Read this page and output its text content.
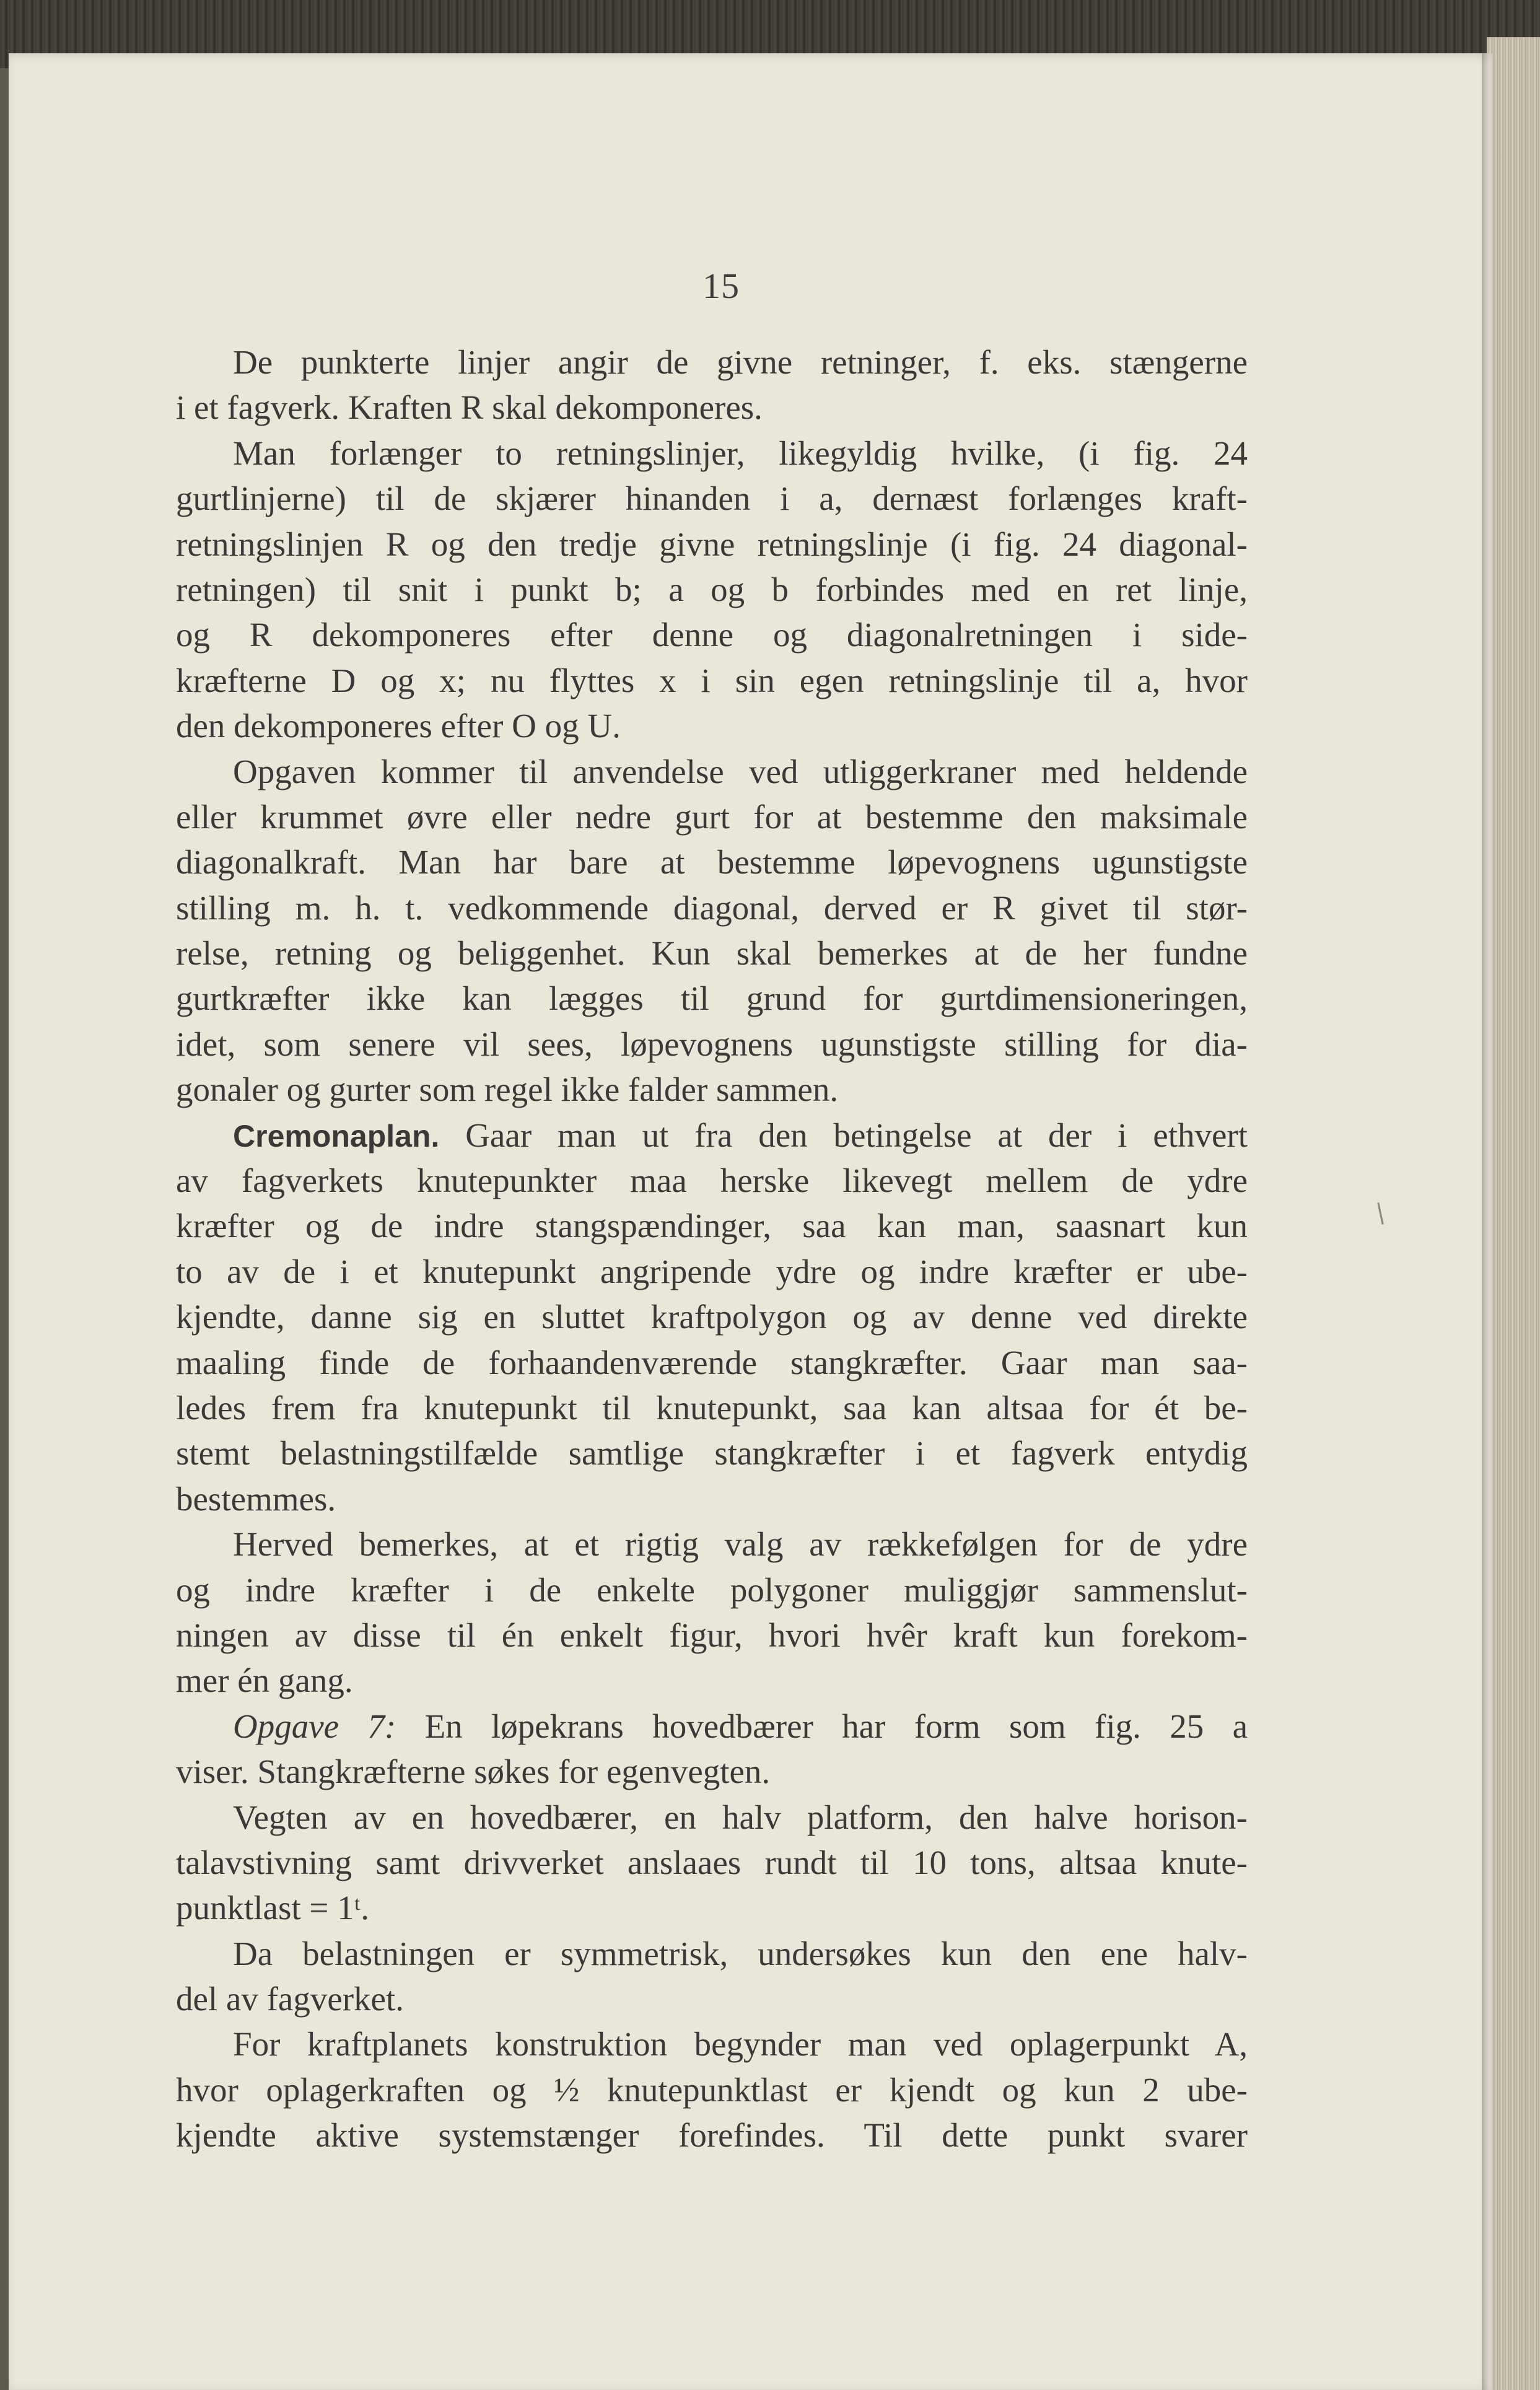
15
De punkterte linjer angir de givne retninger, f. eks. stængerne
i et fagverk. Kraften R skal dekomponeres.
Man forlænger to retningslinjer, likegyldig hvilke, (i fig. 24
gurtlinjerne) til de skjærer hinanden i a, dernæst forlænges kraft-
retningslinjen R og den tredje givne retningslinje (i fig. 24 diagonal-
retningen) til snit i punkt b; a og b forbindes med en ret linje,
og R dekomponeres efter denne og diagonalretningen i side-
kræfterne D og x; nu flyttes x i sin egen retningslinje til a, hvor
den dekomponeres efter O og U.
Opgaven kommer til anvendelse ved utliggerkraner med heldende
eller krummet øvre eller nedre gurt for at bestemme den maksimale
diagonalkraft. Man har bare at bestemme løpevognens ugunstigste
stilling m. h. t. vedkommende diagonal, derved er R givet til stør-
relse, retning og beliggenhet. Kun skal bemerkes at de her fundne
gurtkræfter ikke kan lægges til grund for gurtdimensioneringen,
idet, som senere vil sees, løpevognens ugunstigste stilling for dia-
gonaler og gurter som regel ikke falder sammen.
Cremonaplan. Gaar man ut fra den betingelse at der i ethvert
av fagverkets knutepunkter maa herske likevegt mellem de ydre
kræfter og de indre stangspændinger, saa kan man, saasnart kun
to av de i et knutepunkt angripende ydre og indre kræfter er ube-
kjendte, danne sig en sluttet kraftpolygon og av denne ved direkte
maaling finde de forhaandenværende stangkræfter. Gaar man saa-
ledes frem fra knutepunkt til knutepunkt, saa kan altsaa for ét be-
stemt belastningstilfælde samtlige stangkræfter i et fagverk entydig
bestemmes.
Herved bemerkes, at et rigtig valg av rækkefølgen for de ydre
og indre kræfter i de enkelte polygoner muliggjør sammenslut-
ningen av disse til én enkelt figur, hvori hvêr kraft kun forekom-
mer én gang.
Opgave 7: En løpekrans hovedbærer har form som fig. 25 a
viser. Stangkræfterne søkes for egenvegten.
Vegten av en hovedbærer, en halv platform, den halve horison-
talavstivning samt drivverket anslaaes rundt til 10 tons, altsaa knute-
punktlast = 1ᵗ.
Da belastningen er symmetrisk, undersøkes kun den ene halv-
del av fagverket.
For kraftplanets konstruktion begynder man ved oplagerpunkt A,
hvor oplagerkraften og ½ knutepunktlast er kjendt og kun 2 ube-
kjendte aktive systemstænger forefindes. Til dette punkt svarer
